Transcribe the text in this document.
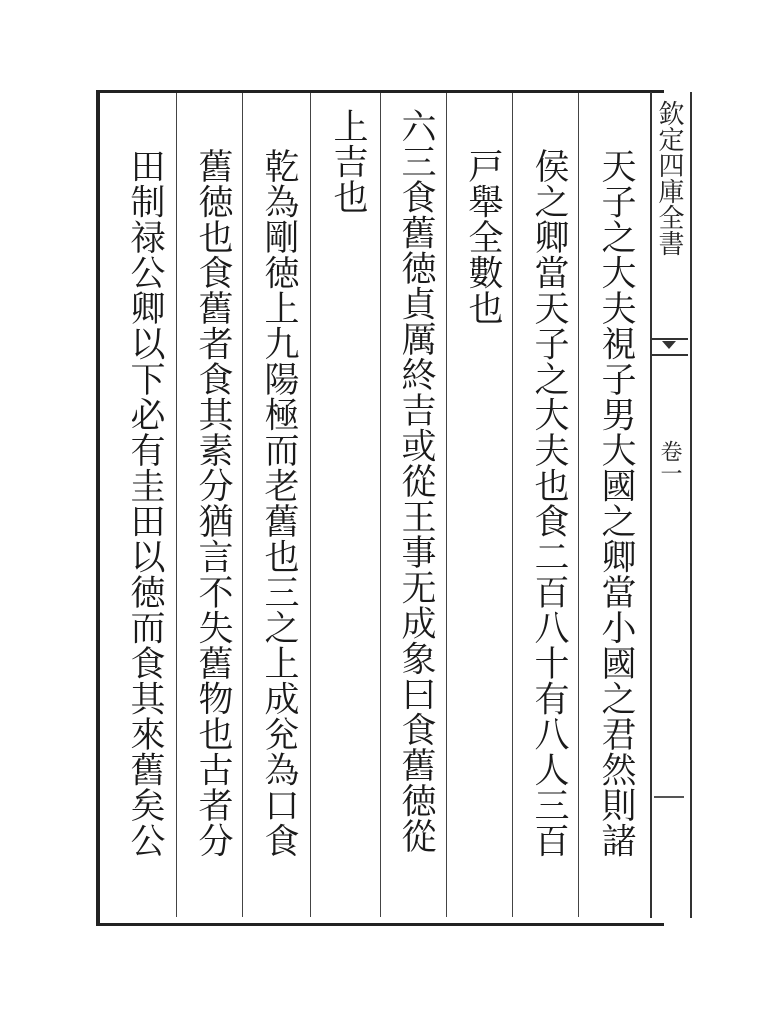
欽定四庫全書
卷一
天子之大夫視子男大國之卿當小國之君然則諸
侯之卿當天子之大夫也食二百八十有八人三百
戸舉全數也
六三食舊徳貞厲終吉或從王事无成象曰食舊徳從
上吉也
乾為剛徳上九陽極而老舊也三之上成兊為口食
舊徳也食舊者食其素分猶言不失舊物也古者分
田制禄公卿以下必有圭田以徳而食其來舊矣公
